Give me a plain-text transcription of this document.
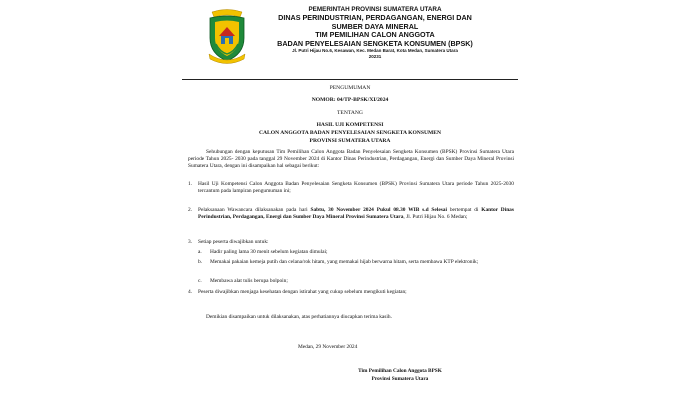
PEMERINTAH PROVINSI SUMATERA UTARA
DINAS PERINDUSTRIAN, PERDAGANGAN, ENERGI DAN
SUMBER DAYA MINERAL
TIM PEMILIHAN CALON ANGGOTA
BADAN PENYELESAIAN SENGKETA KONSUMEN (BPSK)
Jl. Putri Hijau No.6, Kesawan, Kec. Medan Barat, Kota Medan, Sumatera Utara
20231
PENGUMUMAN
NOMOR: 04/TP-BPSK/XI/2024
TENTANG
HASIL UJI KOMPETENSI
CALON ANGGOTA BADAN PENYELESAIAN SENGKETA KONSUMEN
PROVINSI SUMATERA UTARA
Sehubungan dengan keputusan Tim Pemilihan Calon Anggota Badan Penyelesaian Sengketa Konsumen (BPSK) Provinsi Sumatera Utara periode Tahun 2025- 2030 pada tanggal 29 November 2024 di Kantor Dinas Perindustrian, Perdagangan, Energi dan Sumber Daya Mineral Provinsi Sumatera Utara, dengan ini disampaikan hal sebagai berikut:
1. Hasil Uji Kompetensi Calon Anggota Badan Penyelesaian Sengketa Konsumen (BPSK) Provinsi Sumatera Utara periode Tahun 2025-2030 tercantum pada lampiran pengumuman ini;
2. Pelaksanaan Wawancara dilaksanakan pada hari Sabtu, 30 November 2024 Pukul 08.30 WIB s.d Selesai bertempat di Kantor Dinas Perindustrian, Perdagangan, Energi dan Sumber Daya Mineral Provinsi Sumatera Utara, Jl. Putri Hijau No. 6 Medan;
3. Setiap peserta diwajibkan untuk:
a. Hadir paling lama 30 menit sebelum kegiatan dimulai;
b. Memakai pakaian kemeja putih dan celana/rok hitam, yang memakai hijab berwarna hitam, serta membawa KTP elektronik;
c. Membawa alat tulis berupa bolpoin;
4. Peserta diwajibkan menjaga kesehatan dengan istirahat yang cukup sebelum mengikuti kegiatan;
Demikian disampaikan untuk dilaksanakan, atas perhatiannya diucapkan terima kasih.
Medan, 29 November 2024
Tim Pemilihan Calon Anggota BPSK
Provinsi Sumatera Utara
